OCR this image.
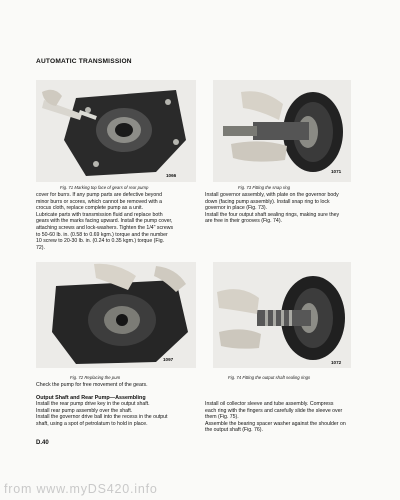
AUTOMATIC TRANSMISSION
1066
Fig. 71 Marking top face of gears of rear pump
1071
Fig. 73 Fitting the snap ring

cover for burrs. If any pump parts are defective beyond

minor burrs or scores, which cannot be removed with a

crocus cloth, replace complete pump as a unit.

Lubricate parts with transmission fluid and replace both

gears with the marks facing upward. Install the pump cover,

attaching screws and lock-washers. Tighten the 1/4" screws

to 50-60 lb. in. (0.58 to 0.69 kgm.) torque and the number

10 screw to 20-30 lb. in. (0.24 to 0.35 kgm.) torque (Fig.

72).

Install governor assembly, with plate on the governor body

down (facing pump assembly). Install snap ring to lock

governor in place (Fig. 73).

Install the four output shaft sealing rings, making sure they

are free in their grooves (Fig. 74).

1097
Fig. 72 Replacing the pum
1072
Fig. 74 Fitting the output shaft sealing rings

Check the pump for free movement of the gears.

Output Shaft and Rear Pump—Assembling

Install the rear pump drive key in the output shaft.

Install rear pump assembly over the shaft.

Install the governor drive ball into the recess in the output

shaft, using a spot of petrolatum to hold in place.

Install oil collector sleeve and tube assembly. Compress

each ring with the fingers and carefully slide the sleeve over

them (Fig. 75).

Assemble the bearing spacer washer against the shoulder on

the output shaft (Fig. 76).

D.40
from www.myDS420.info
